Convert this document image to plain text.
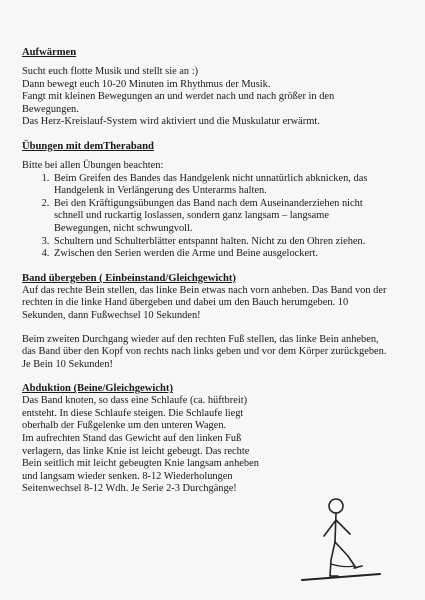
Aufwärmen

Sucht euch flotte Musik und stellt sie an :)

Dann bewegt euch 10-20 Minuten im Rhythmus der Musik.

Fangt mit kleinen Bewegungen an und werdet nach und nach größer in den Bewegungen.

Das Herz-Kreislauf-System wird aktiviert und die Muskulatur erwärmt.

Übungen mit demTheraband

Bitte bei allen Übungen beachten:

1. Beim Greifen des Bandes das Handgelenk nicht unnatürlich abknicken, das Handgelenk in Verlängerung des Unterarms halten.
2. Bei den Kräftigungsübungen das Band nach dem Auseinanderziehen nicht schnell und ruckartig loslassen, sondern ganz langsam – langsame Bewegungen, nicht schwungvoll.
3. Schultern und Schulterblätter entspannt halten. Nicht zu den Ohren ziehen.
4. Zwischen den Serien werden die Arme und Beine ausgelockert.
Band übergeben ( Einbeinstand/Gleichgewicht)

Auf das rechte Bein stellen, das linke Bein etwas nach vorn anheben. Das Band von der rechten in die linke Hand übergeben und dabei um den Bauch herumgeben. 10 Sekunden, dann Fußwechsel 10 Sekunden!

Beim zweiten Durchgang wieder auf den rechten Fuß stellen, das linke Bein anheben, das Band über den Kopf von rechts nach links geben und vor dem Körper zurückgeben. Je Bein 10 Sekunden!

Abduktion (Beine/Gleichgewicht)

Das Band knoten, so dass eine Schlaufe (ca. hüftbreit)

entsteht. In diese Schlaufe steigen. Die Schlaufe liegt

oberhalb der Fußgelenke um den unteren Wagen.

Im aufrechten Stand das Gewicht auf den linken Fuß

verlagern, das linke Knie ist leicht gebeugt. Das rechte

Bein seitlich mit leicht gebeugten Knie langsam anheben

und langsam wieder senken. 8-12 Wiederholungen

Seitenwechsel 8-12 Wdh. Je Serie 2-3 Durchgänge!
